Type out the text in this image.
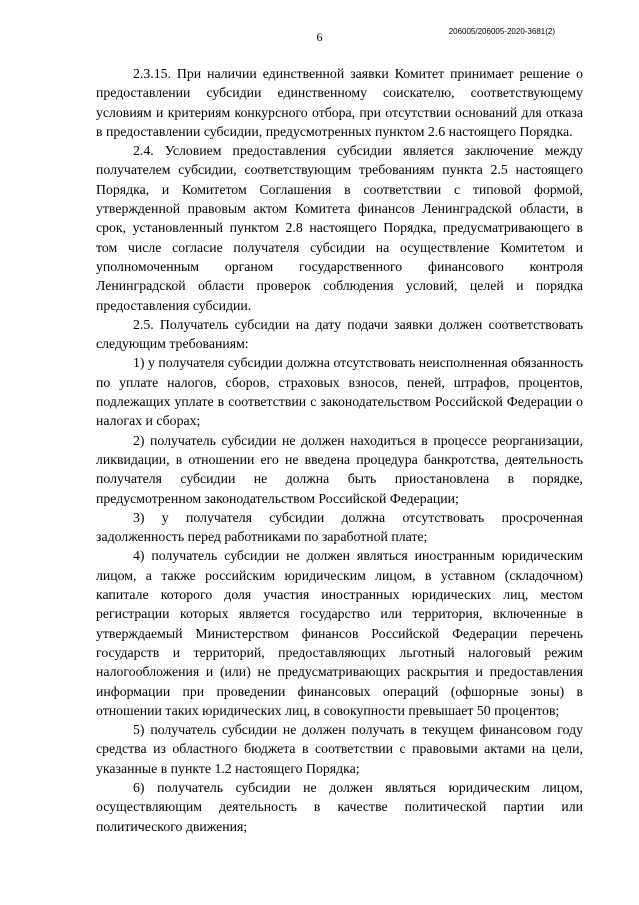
6	206005/206005-2020-3681(2)

2.3.15. При наличии единственной заявки Комитет принимает решение о предоставлении субсидии единственному соискателю, соответствующему условиям и критериям конкурсного отбора, при отсутствии оснований для отказа в предоставлении субсидии, предусмотренных пунктом 2.6 настоящего Порядка.

2.4. Условием предоставления субсидии является заключение между получателем субсидии, соответствующим требованиям пункта 2.5 настоящего Порядка, и Комитетом Соглашения в соответствии с типовой формой, утвержденной правовым актом Комитета финансов Ленинградской области, в срок, установленный пунктом 2.8 настоящего Порядка, предусматривающего в том числе согласие получателя субсидии на осуществление Комитетом и уполномоченным органом государственного финансового контроля Ленинградской области проверок соблюдения условий, целей и порядка предоставления субсидии.

2.5. Получатель субсидии на дату подачи заявки должен соответствовать следующим требованиям:

1) у получателя субсидии должна отсутствовать неисполненная обязанность по уплате налогов, сборов, страховых взносов, пеней, штрафов, процентов, подлежащих уплате в соответствии с законодательством Российской Федерации о налогах и сборах;

2) получатель субсидии не должен находиться в процессе реорганизации, ликвидации, в отношении его не введена процедура банкротства, деятельность получателя субсидии не должна быть приостановлена в порядке, предусмотренном законодательством Российской Федерации;

3) у получателя субсидии должна отсутствовать просроченная задолженность перед работниками по заработной плате;

4) получатель субсидии не должен являться иностранным юридическим лицом, а также российским юридическим лицом, в уставном (складочном) капитале которого доля участия иностранных юридических лиц, местом регистрации которых является государство или территория, включенные в утверждаемый Министерством финансов Российской Федерации перечень государств и территорий, предоставляющих льготный налоговый режим налогообложения и (или) не предусматривающих раскрытия и предоставления информации при проведении финансовых операций (офшорные зоны) в отношении таких юридических лиц, в совокупности превышает 50 процентов;

5) получатель субсидии не должен получать в текущем финансовом году средства из областного бюджета в соответствии с правовыми актами на цели, указанные в пункте 1.2 настоящего Порядка;

6) получатель субсидии не должен являться юридическим лицом, осуществляющим деятельность в качестве политической партии или политического движения;
